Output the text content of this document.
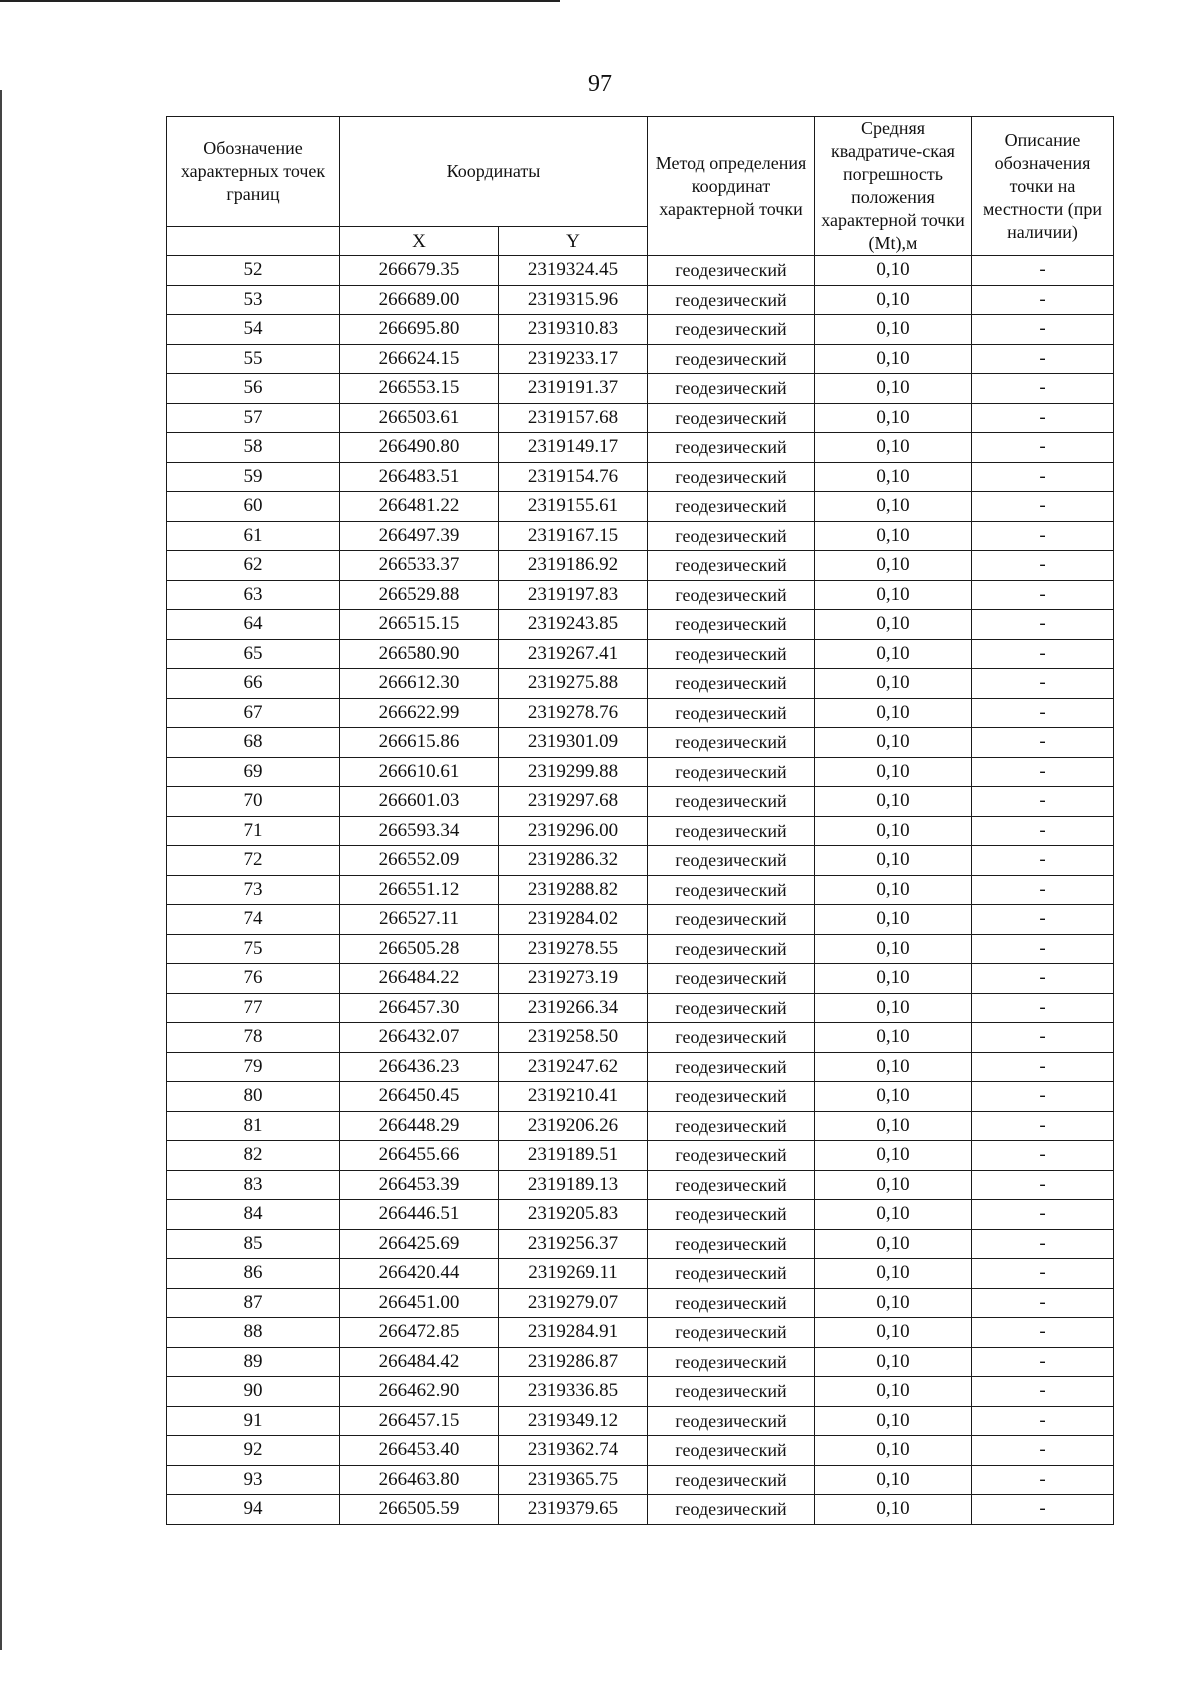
97
Обозначение характерных точек границ	Координаты		Метод определения координат характерной точки	Средняя квадратиче-ская погрешность положения характерной точки (Mt),м	Описание обозначения точки на местности (при наличии)

	X	Y			
52	266679.35	2319324.45	геодезический	0,10	-
53	266689.00	2319315.96	геодезический	0,10	-
54	266695.80	2319310.83	геодезический	0,10	-
55	266624.15	2319233.17	геодезический	0,10	-
56	266553.15	2319191.37	геодезический	0,10	-
57	266503.61	2319157.68	геодезический	0,10	-
58	266490.80	2319149.17	геодезический	0,10	-
59	266483.51	2319154.76	геодезический	0,10	-
60	266481.22	2319155.61	геодезический	0,10	-
61	266497.39	2319167.15	геодезический	0,10	-
62	266533.37	2319186.92	геодезический	0,10	-
63	266529.88	2319197.83	геодезический	0,10	-
64	266515.15	2319243.85	геодезический	0,10	-
65	266580.90	2319267.41	геодезический	0,10	-
66	266612.30	2319275.88	геодезический	0,10	-
67	266622.99	2319278.76	геодезический	0,10	-
68	266615.86	2319301.09	геодезический	0,10	-
69	266610.61	2319299.88	геодезический	0,10	-
70	266601.03	2319297.68	геодезический	0,10	-
71	266593.34	2319296.00	геодезический	0,10	-
72	266552.09	2319286.32	геодезический	0,10	-
73	266551.12	2319288.82	геодезический	0,10	-
74	266527.11	2319284.02	геодезический	0,10	-
75	266505.28	2319278.55	геодезический	0,10	-
76	266484.22	2319273.19	геодезический	0,10	-
77	266457.30	2319266.34	геодезический	0,10	-
78	266432.07	2319258.50	геодезический	0,10	-
79	266436.23	2319247.62	геодезический	0,10	-
80	266450.45	2319210.41	геодезический	0,10	-
81	266448.29	2319206.26	геодезический	0,10	-
82	266455.66	2319189.51	геодезический	0,10	-
83	266453.39	2319189.13	геодезический	0,10	-
84	266446.51	2319205.83	геодезический	0,10	-
85	266425.69	2319256.37	геодезический	0,10	-
86	266420.44	2319269.11	геодезический	0,10	-
87	266451.00	2319279.07	геодезический	0,10	-
88	266472.85	2319284.91	геодезический	0,10	-
89	266484.42	2319286.87	геодезический	0,10	-
90	266462.90	2319336.85	геодезический	0,10	-
91	266457.15	2319349.12	геодезический	0,10	-
92	266453.40	2319362.74	геодезический	0,10	-
93	266463.80	2319365.75	геодезический	0,10	-
94	266505.59	2319379.65	геодезический	0,10	-
